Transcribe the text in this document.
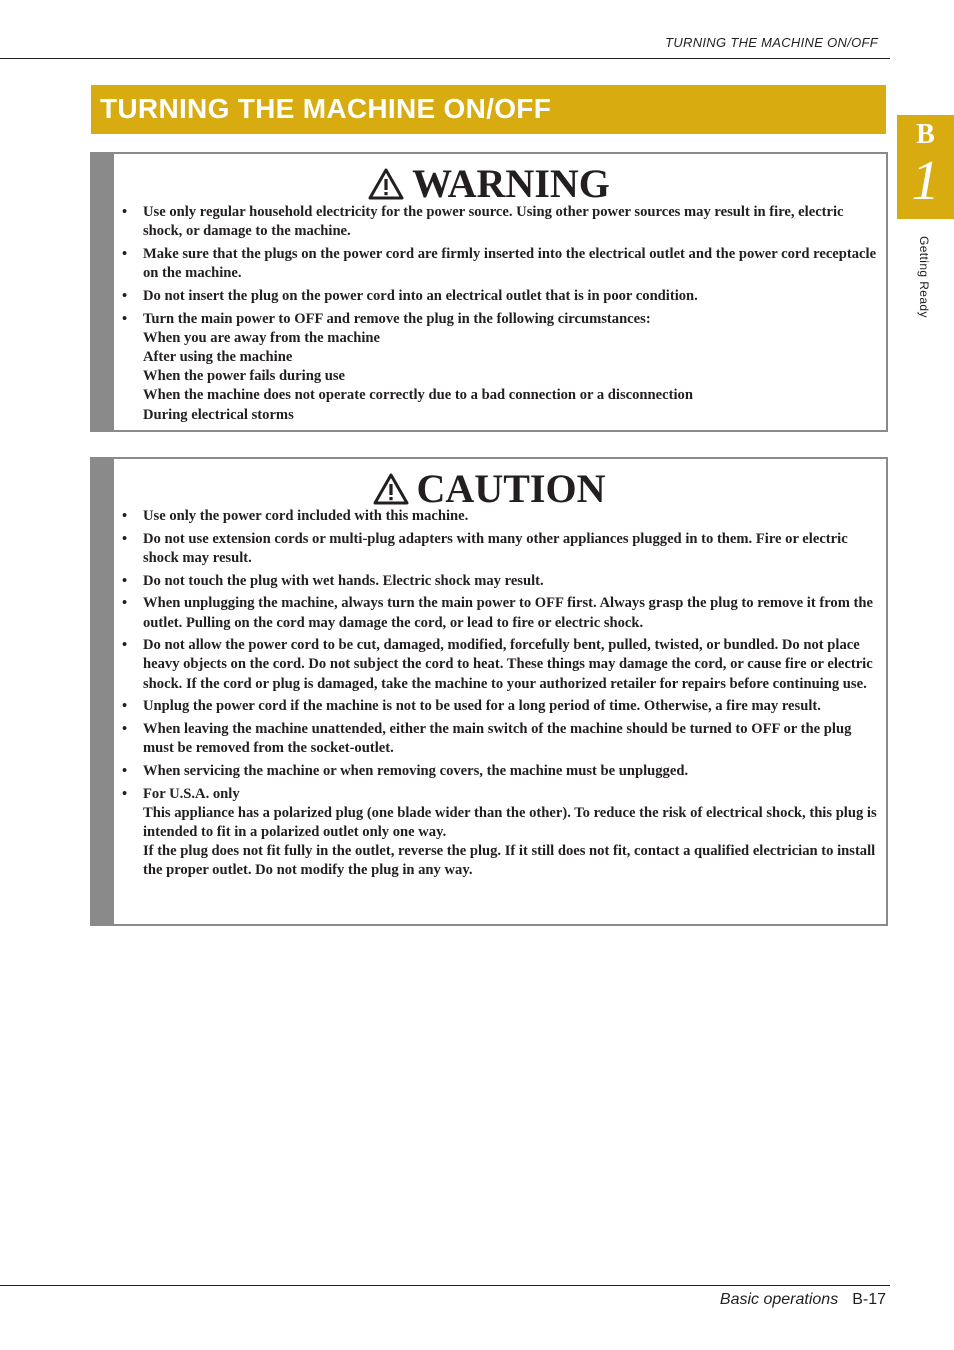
TURNING THE MACHINE ON/OFF
TURNING THE MACHINE ON/OFF
B
1
Getting Ready
WARNING
• Use only regular household electricity for the power source. Using other power sources may result in fire, electric shock, or damage to the machine.
• Make sure that the plugs on the power cord are firmly inserted into the electrical outlet and the power cord receptacle on the machine.
• Do not insert the plug on the power cord into an electrical outlet that is in poor condition.
• Turn the main power to OFF and remove the plug in the following circumstances:
When you are away from the machine
After using the machine
When the power fails during use
When the machine does not operate correctly due to a bad connection or a disconnection
During electrical storms
CAUTION
• Use only the power cord included with this machine.
• Do not use extension cords or multi-plug adapters with many other appliances plugged in to them. Fire or electric shock may result.
• Do not touch the plug with wet hands. Electric shock may result.
• When unplugging the machine, always turn the main power to OFF first. Always grasp the plug to remove it from the outlet. Pulling on the cord may damage the cord, or lead to fire or electric shock.
• Do not allow the power cord to be cut, damaged, modified, forcefully bent, pulled, twisted, or bundled. Do not place heavy objects on the cord. Do not subject the cord to heat. These things may damage the cord, or cause fire or electric shock. If the cord or plug is damaged, take the machine to your authorized retailer for repairs before continuing use.
• Unplug the power cord if the machine is not to be used for a long period of time. Otherwise, a fire may result.
• When leaving the machine unattended, either the main switch of the machine should be turned to OFF or the plug must be removed from the socket-outlet.
• When servicing the machine or when removing covers, the machine must be unplugged.
• For U.S.A. only
This appliance has a polarized plug (one blade wider than the other). To reduce the risk of electrical shock, this plug is intended to fit in a polarized outlet only one way.
If the plug does not fit fully in the outlet, reverse the plug. If it still does not fit, contact a qualified electrician to install the proper outlet. Do not modify the plug in any way.
Basic operations B-17
